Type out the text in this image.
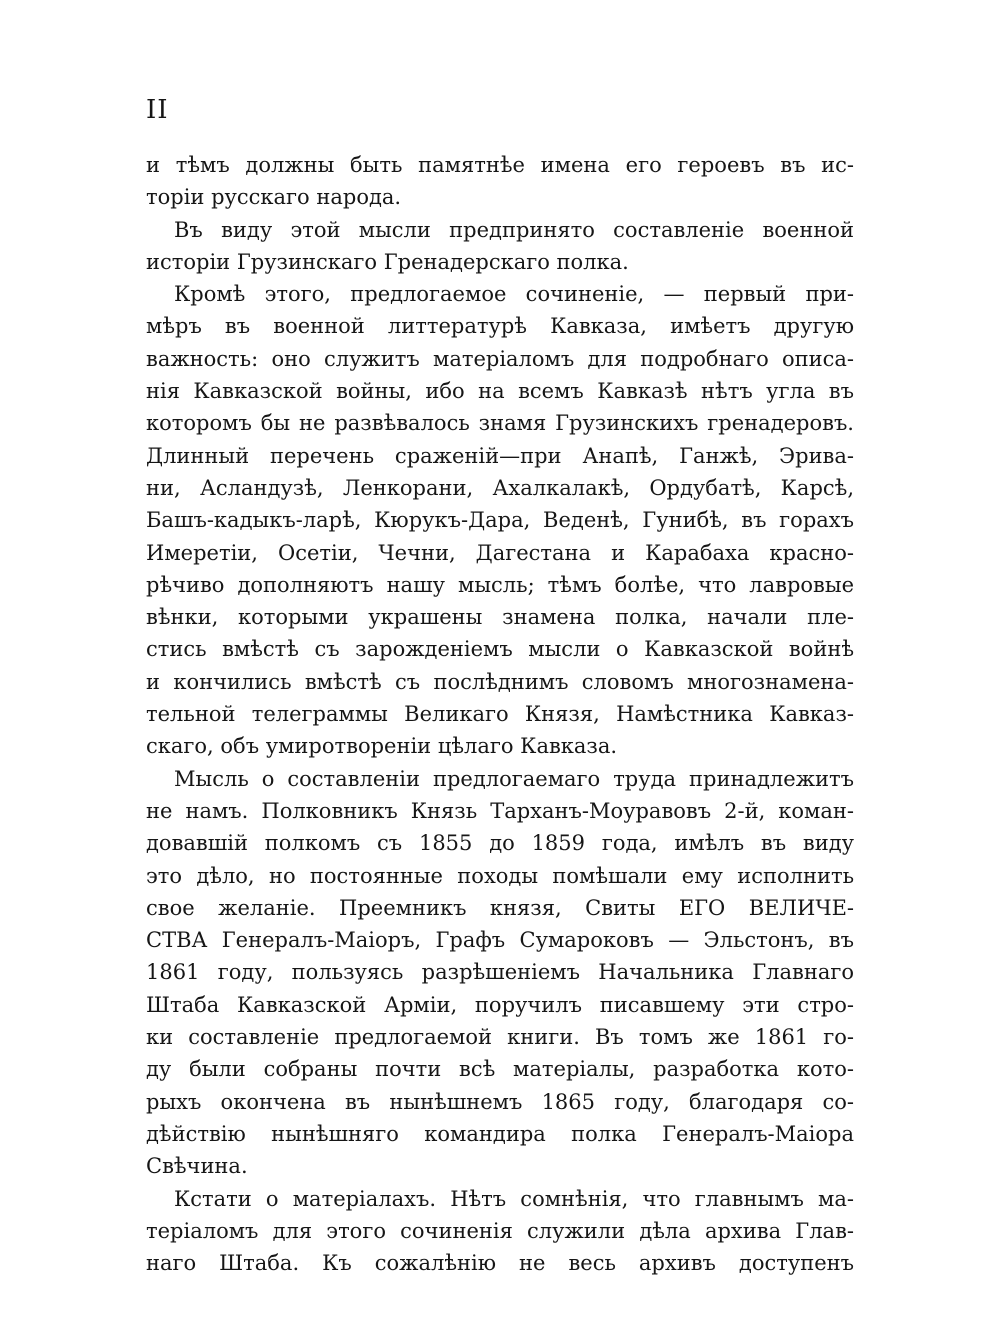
II
и тѣмъ должны быть памятнѣе имена его героевъ въ ис-
торіи русскаго народа.
Въ виду этой мысли предпринято составленіе военной
исторіи Грузинскаго Гренадерскаго полка.
Кромѣ этого, предлогаемое сочиненіе, — первый при-
мѣръ въ военной литтературѣ Кавказа, имѣетъ другую
важность: оно служитъ матеріаломъ для подробнаго описа-
нія Кавказской войны, ибо на всемъ Кавказѣ нѣтъ угла въ
которомъ бы не развѣвалось знамя Грузинскихъ гренадеровъ.
Длинный перечень сраженій—при Анапѣ, Ганжѣ, Эрива-
ни, Асландузѣ, Ленкорани, Ахалкалакѣ, Ордубатѣ, Карсѣ,
Башъ-кадыкъ-ларѣ, Кюрукъ-Дара, Веденѣ, Гунибѣ, въ горахъ
Имеретіи, Осетіи, Чечни, Дагестана и Карабаха красно-
рѣчиво дополняютъ нашу мысль; тѣмъ болѣе, что лавровые
вѣнки, которыми украшены знамена полка, начали пле-
стись вмѣстѣ съ зарожденіемъ мысли о Кавказской войнѣ
и кончились вмѣстѣ съ послѣднимъ словомъ многознамена-
тельной телеграммы Великаго Князя, Намѣстника Кавказ-
скаго, объ умиротвореніи цѣлаго Кавказа.
Мысль о составленіи предлогаемаго труда принадлежитъ
не намъ. Полковникъ Князь Тарханъ-Моуравовъ 2-й, коман-
довавшій полкомъ съ 1855 до 1859 года, имѣлъ въ виду
это дѣло, но постоянные походы помѣшали ему исполнить
свое желаніе. Преемникъ князя, Свиты ЕГО ВЕЛИЧЕ-
СТВА Генералъ-Маіоръ, Графъ Сумароковъ — Эльстонъ, въ
1861 году, пользуясь разрѣшеніемъ Начальника Главнаго
Штаба Кавказской Арміи, поручилъ писавшему эти стро-
ки составленіе предлогаемой книги. Въ томъ же 1861 го-
ду были собраны почти всѣ матеріалы, разработка кото-
рыхъ окончена въ нынѣшнемъ 1865 году, благодаря со-
дѣйствію нынѣшняго командира полка Генералъ-Маіора
Свѣчина.
Кстати о матеріалахъ. Нѣтъ сомнѣнія, что главнымъ ма-
теріаломъ для этого сочиненія служили дѣла архива Глав-
наго Штаба. Къ сожалѣнію не весь архивъ доступенъ
